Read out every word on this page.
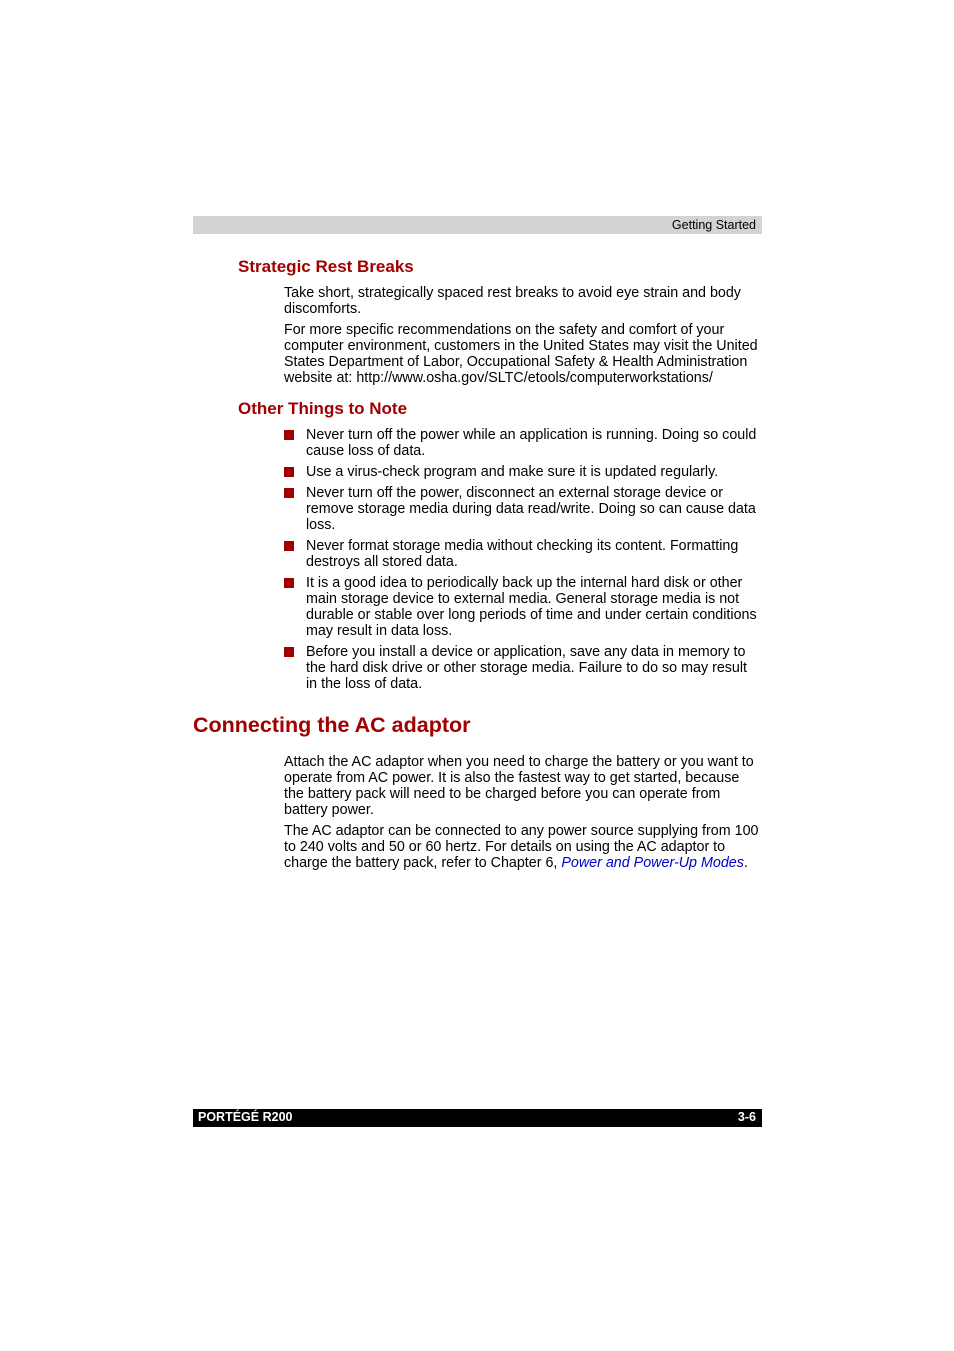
Getting Started
Strategic Rest Breaks

Take short, strategically spaced rest breaks to avoid eye strain and body discomforts.

For more specific recommendations on the safety and comfort of your computer environment, customers in the United States may visit the United States Department of Labor, Occupational Safety & Health Administration website at: http://www.osha.gov/SLTC/etools/computerworkstations/

Other Things to Note
Never turn off the power while an application is running. Doing so could cause loss of data.
Use a virus-check program and make sure it is updated regularly.
Never turn off the power, disconnect an external storage device or remove storage media during data read/write. Doing so can cause data loss.
Never format storage media without checking its content. Formatting destroys all stored data.
It is a good idea to periodically back up the internal hard disk or other main storage device to external media. General storage media is not durable or stable over long periods of time and under certain conditions may result in data loss.
Before you install a device or application, save any data in memory to the hard disk drive or other storage media. Failure to do so may result in the loss of data.
Connecting the AC adaptor

Attach the AC adaptor when you need to charge the battery or you want to operate from AC power. It is also the fastest way to get started, because the battery pack will need to be charged before you can operate from battery power.

The AC adaptor can be connected to any power source supplying from 100 to 240 volts and 50 or 60 hertz. For details on using the AC adaptor to charge the battery pack, refer to Chapter 6, Power and Power-Up Modes.

PORTÉGÉ R200	3-6
